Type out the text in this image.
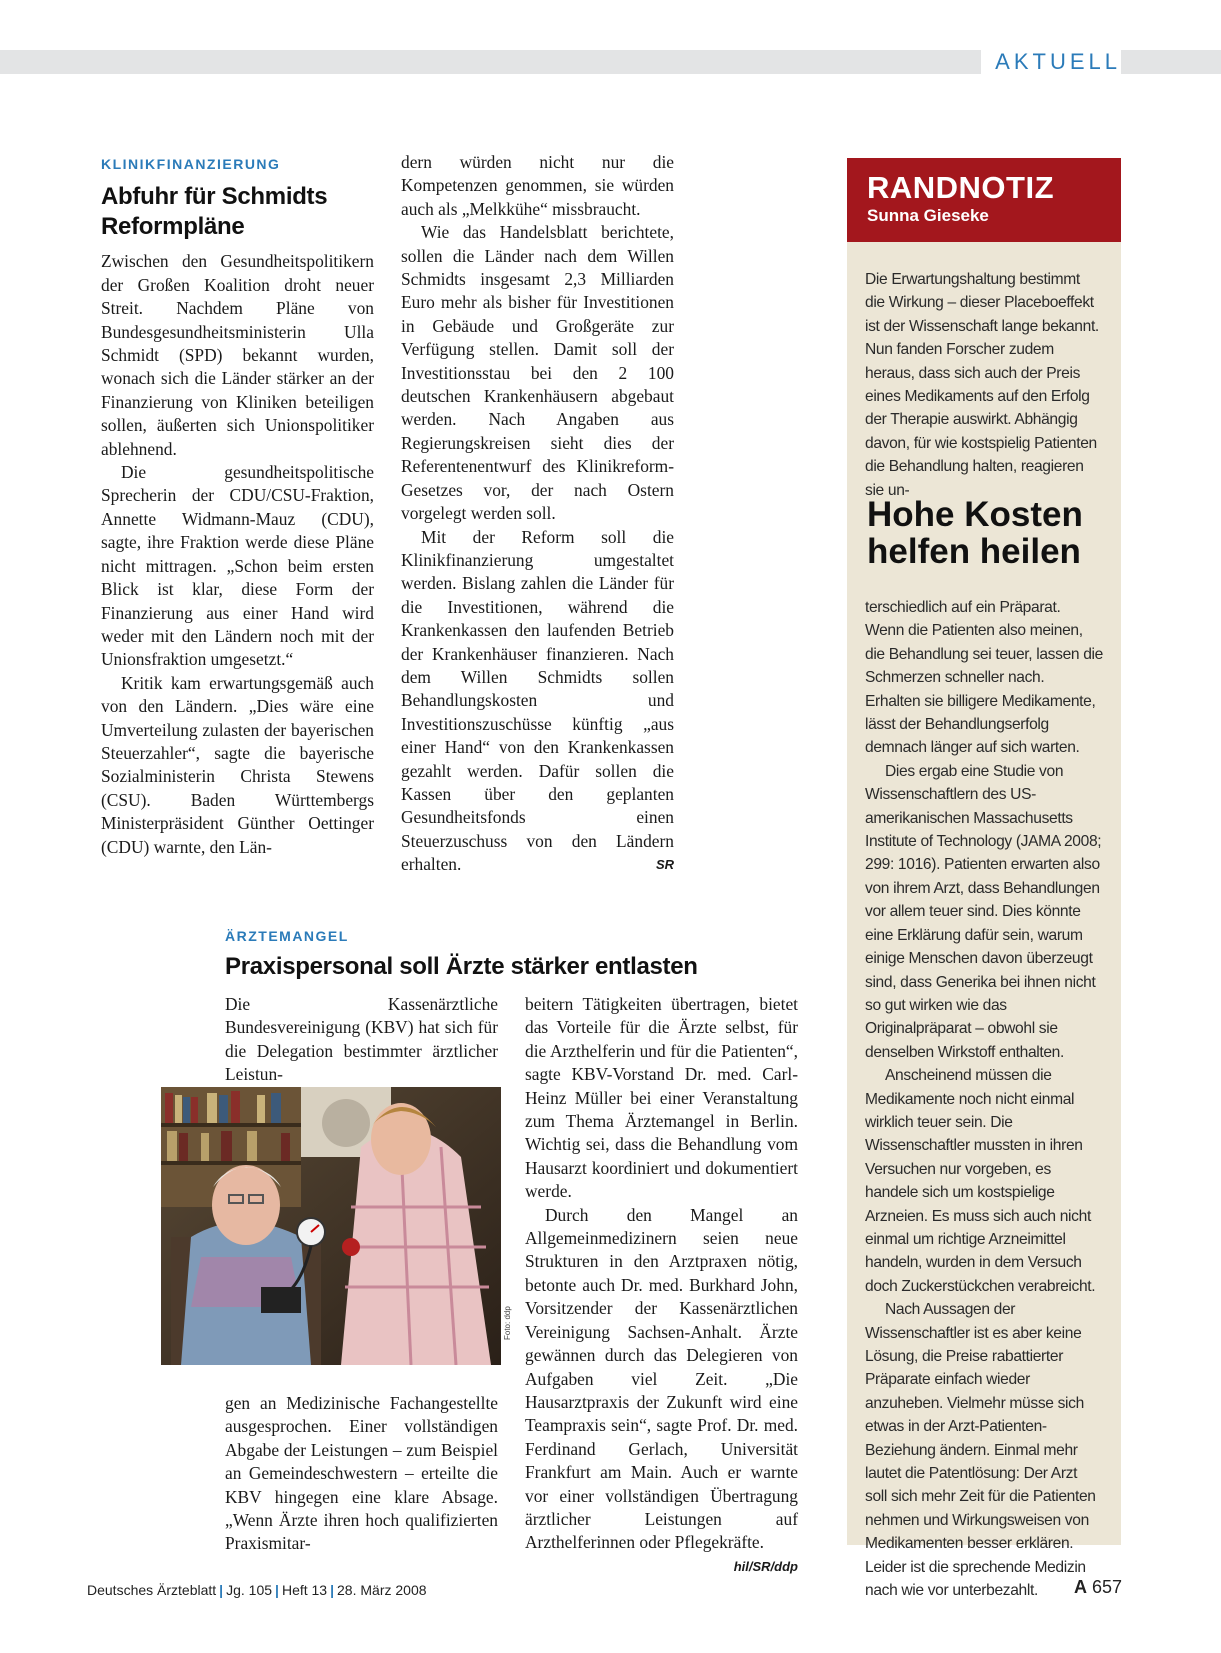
AKTUELL
KLINIKFINANZIERUNG
Abfuhr für Schmidts
Reformpläne

Zwischen den Gesundheitspolitikern der Großen Koalition droht neuer Streit. Nachdem Pläne von Bundesgesundheitsministerin Ulla Schmidt (SPD) bekannt wurden, wonach sich die Länder stärker an der Finanzierung von Kliniken beteiligen sollen, äußerten sich Unionspolitiker ablehnend.

Die gesundheitspolitische Sprecherin der CDU/CSU-Fraktion, Annette Widmann-Mauz (CDU), sagte, ihre Fraktion werde diese Pläne nicht mittragen. „Schon beim ersten Blick ist klar, diese Form der Finanzierung aus einer Hand wird weder mit den Ländern noch mit der Unionsfraktion umgesetzt.“

Kritik kam erwartungsgemäß auch von den Ländern. „Dies wäre eine Umverteilung zulasten der bayerischen Steuerzahler“, sagte die bayerische Sozialministerin Christa Stewens (CSU). Baden Württembergs Ministerpräsident Günther Oettinger (CDU) warnte, den Län-

dern würden nicht nur die Kompetenzen genommen, sie würden auch als „Melkkühe“ missbraucht.

Wie das Handelsblatt berichtete, sollen die Länder nach dem Willen Schmidts insgesamt 2,3 Milliarden Euro mehr als bisher für Investitionen in Gebäude und Großgeräte zur Verfügung stellen. Damit soll der Investitionsstau bei den 2 100 deutschen Krankenhäusern abgebaut werden. Nach Angaben aus Regierungskreisen sieht dies der Referentenentwurf des Klinikreform-Gesetzes vor, der nach Ostern vorgelegt werden soll.

Mit der Reform soll die Klinikfinanzierung umgestaltet werden. Bislang zahlen die Länder für die Investitionen, während die Krankenkassen den laufenden Betrieb der Krankenhäuser finanzieren. Nach dem Willen Schmidts sollen Behandlungskosten und Investitionszuschüsse künftig „aus einer Hand“ von den Krankenkassen gezahlt werden. Dafür sollen die Kassen über den geplanten Gesundheitsfonds einen Steuerzuschuss von den Ländern erhalten.	SR

ÄRZTEMANGEL
Praxispersonal soll Ärzte stärker entlasten

Die Kassenärztliche Bundesvereinigung (KBV) hat sich für die Delegation bestimmter ärztlicher Leistun-

Foto: ddp

gen an Medizinische Fachangestellte ausgesprochen. Einer vollständigen Abgabe der Leistungen – zum Beispiel an Gemeindeschwestern – erteilte die KBV hingegen eine klare Absage. „Wenn Ärzte ihren hoch qualifizierten Praxismitar-

beitern Tätigkeiten übertragen, bietet das Vorteile für die Ärzte selbst, für die Arzthelferin und für die Patienten“, sagte KBV-Vorstand Dr. med. Carl-Heinz Müller bei einer Veranstaltung zum Thema Ärztemangel in Berlin. Wichtig sei, dass die Behandlung vom Hausarzt koordiniert und dokumentiert werde.

Durch den Mangel an Allgemeinmedizinern seien neue Strukturen in den Arztpraxen nötig, betonte auch Dr. med. Burkhard John, Vorsitzender der Kassenärztlichen Vereinigung Sachsen-Anhalt. Ärzte gewännen durch das Delegieren von Aufgaben viel Zeit. „Die Hausarztpraxis der Zukunft wird eine Teampraxis sein“, sagte Prof. Dr. med. Ferdinand Gerlach, Universität Frankfurt am Main. Auch er warnte vor einer vollständigen Übertragung ärztlicher Leistungen auf Arzthelferinnen oder Pflegekräfte.
hil/SR/ddp

RANDNOTIZ
Sunna Gieseke

Die Erwartungshaltung bestimmt die Wirkung – dieser Placeboeffekt ist der Wissenschaft lange bekannt. Nun fanden Forscher zudem heraus, dass sich auch der Preis eines Medikaments auf den Erfolg der Therapie auswirkt. Abhängig davon, für wie kostspielig Patienten die Behandlung halten, reagieren sie un-

Hohe Kosten
helfen heilen

terschiedlich auf ein Präparat. Wenn die Patienten also meinen, die Behandlung sei teuer, lassen die Schmerzen schneller nach. Erhalten sie billigere Medikamente, lässt der Behandlungserfolg demnach länger auf sich warten.

Dies ergab eine Studie von Wissenschaftlern des US-amerikanischen Massachusetts Institute of Technology (JAMA 2008; 299: 1016). Patienten erwarten also von ihrem Arzt, dass Behandlungen vor allem teuer sind. Dies könnte eine Erklärung dafür sein, warum einige Menschen davon überzeugt sind, dass Generika bei ihnen nicht so gut wirken wie das Originalpräparat – obwohl sie denselben Wirkstoff enthalten.

Anscheinend müssen die Medikamente noch nicht einmal wirklich teuer sein. Die Wissenschaftler mussten in ihren Versuchen nur vorgeben, es handele sich um kostspielige Arzneien. Es muss sich auch nicht einmal um richtige Arzneimittel handeln, wurden in dem Versuch doch Zuckerstückchen verabreicht.

Nach Aussagen der Wissenschaftler ist es aber keine Lösung, die Preise rabattierter Präparate einfach wieder anzuheben. Vielmehr müsse sich etwas in der Arzt-Patienten-Beziehung ändern. Einmal mehr lautet die Patentlösung: Der Arzt soll sich mehr Zeit für die Patienten nehmen und Wirkungsweisen von Medikamenten besser erklären. Leider ist die sprechende Medizin nach wie vor unterbezahlt.

Deutsches Ärzteblatt | Jg. 105 | Heft 13 | 28. März 2008	A 657
